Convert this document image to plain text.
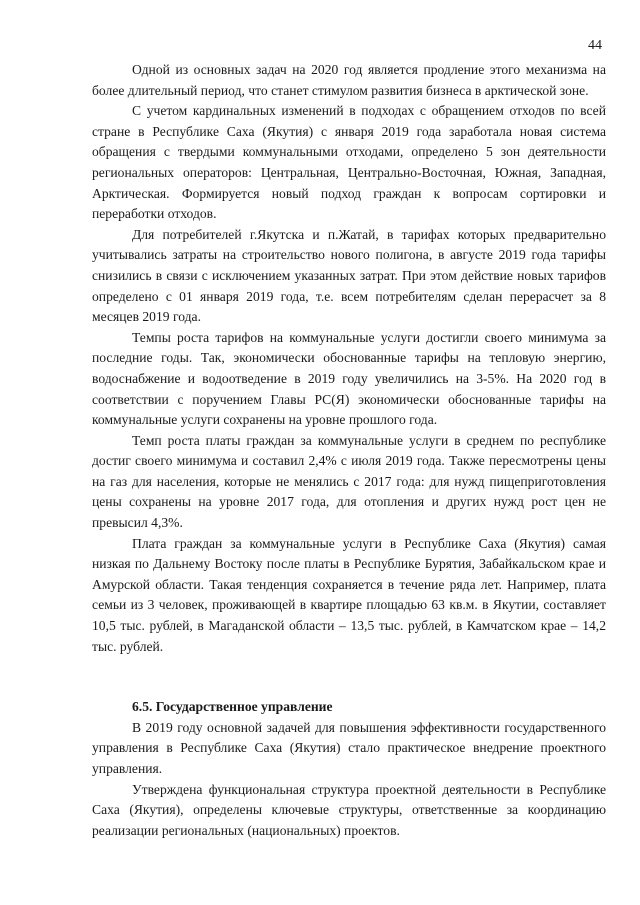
44

Одной из основных задач на 2020 год является продление этого механизма на более длительный период, что станет стимулом развития бизнеса в арктической зоне.

С учетом кардинальных изменений в подходах с обращением отходов по всей стране в Республике Саха (Якутия) с января 2019 года заработала новая система обращения с твердыми коммунальными отходами, определено 5 зон деятельности региональных операторов: Центральная, Центрально-Восточная, Южная, Западная, Арктическая. Формируется новый подход граждан к вопросам сортировки и переработки отходов.

Для потребителей г.Якутска и п.Жатай, в тарифах которых предварительно учитывались затраты на строительство нового полигона, в августе 2019 года тарифы снизились в связи с исключением указанных затрат. При этом действие новых тарифов определено с 01 января 2019 года, т.е. всем потребителям сделан перерасчет за 8 месяцев 2019 года.

Темпы роста тарифов на коммунальные услуги достигли своего минимума за последние годы. Так, экономически обоснованные тарифы на тепловую энергию, водоснабжение и водоотведение в 2019 году увеличились на 3-5%. На 2020 год в соответствии с поручением Главы РС(Я) экономически обоснованные тарифы на коммунальные услуги сохранены на уровне прошлого года.

Темп роста платы граждан за коммунальные услуги в среднем по республике достиг своего минимума и составил 2,4% с июля 2019 года. Также пересмотрены цены на газ для населения, которые не менялись с 2017 года: для нужд пищеприготовления цены сохранены на уровне 2017 года, для отопления и других нужд рост цен не превысил 4,3%.

Плата граждан за коммунальные услуги в Республике Саха (Якутия) самая низкая по Дальнему Востоку после платы в Республике Бурятия, Забайкальском крае и Амурской области. Такая тенденция сохраняется в течение ряда лет. Например, плата семьи из 3 человек, проживающей в квартире площадью 63 кв.м. в Якутии, составляет 10,5 тыс. рублей, в Магаданской области – 13,5 тыс. рублей, в Камчатском крае – 14,2 тыс. рублей.

6.5. Государственное управление

В 2019 году основной задачей для повышения эффективности государственного управления в Республике Саха (Якутия) стало практическое внедрение проектного управления.

Утверждена функциональная структура проектной деятельности в Республике Саха (Якутия), определены ключевые структуры, ответственные за координацию реализации региональных (национальных) проектов.
